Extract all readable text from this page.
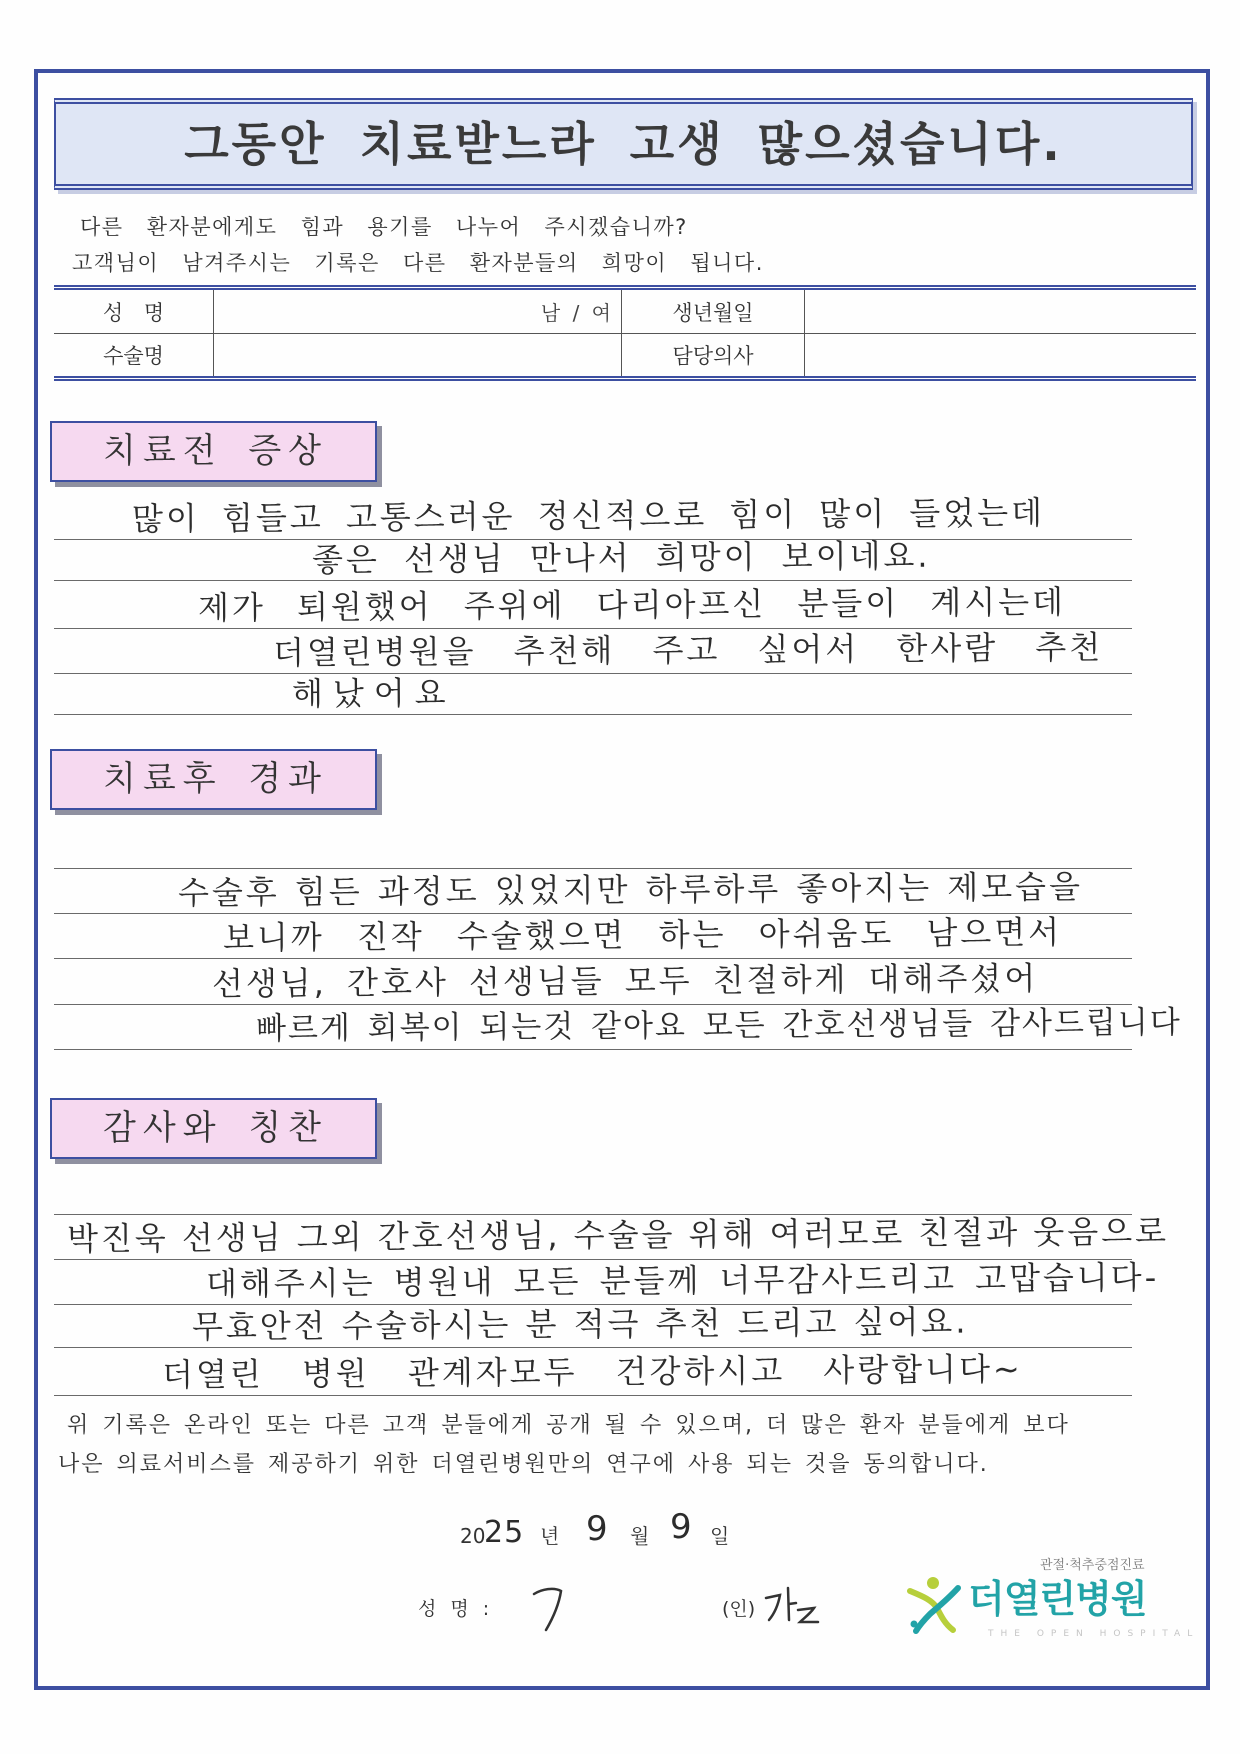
그동안 치료받느라 고생 많으셨습니다.
다른 환자분에게도 힘과 용기를 나누어 주시겠습니까?
고객님이 남겨주시는 기록은 다른 환자분들의 희망이 됩니다.
성 명	남 / 여	생년월일
수술명	담당의사
치료전 증상
많이 힘들고 고통스러운 정신적으로 힘이 많이 들었는데
좋은 선생님 만나서 희망이 보이네요.
제가 퇴원했어 주위에 다리아프신 분들이 계시는데
더열린병원을 추천해 주고 싶어서 한사람 추천
해났어요
치료후 경과
수술후 힘든 과정도 있었지만 하루하루 좋아지는 제모습을
보니까 진작 수술했으면 하는 아쉬움도 남으면서
선생님, 간호사 선생님들 모두 친절하게 대해주셨어
빠르게 회복이 되는것 같아요 모든 간호선생님들 감사드립니다
감사와 칭찬
박진욱 선생님 그외 간호선생님, 수술을 위해 여러모로 친절과 웃음으로
대해주시는 병원내 모든 분들께 너무감사드리고 고맙습니다-
무효안전 수술하시는 분 적극 추천 드리고 싶어요.
더열린 병원 관계자모두 건강하시고 사랑합니다~
위 기록은 온라인 또는 다른 고객 분들에게 공개 될 수 있으며, 더 많은 환자 분들에게 보다
나은 의료서비스를 제공하기 위한 더열린병원만의 연구에 사용 되는 것을 동의합니다.
20
25 년 9 월 9 일
성 명 :	(인)
관절·척추중점진료
더열린병원
THE OPEN HOSPITAL
